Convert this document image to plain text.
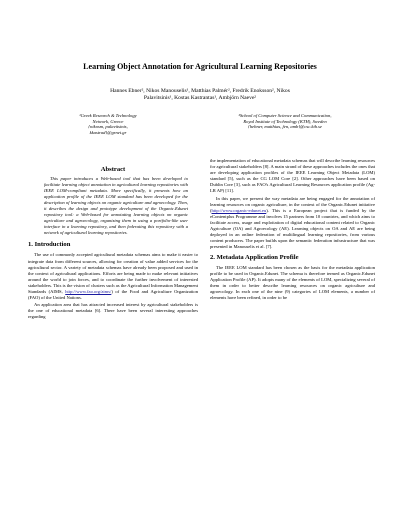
Learning Object Annotation for Agricultural Learning Repositories
Hannes Ebner², Nikos Manouselis¹, Matthias Palmér², Fredrik Enoksson², Nikos
Palavitsinis¹, Kostas Kastrantas¹, Ambjörn Naeve²
¹Greek Research & Technology
Network, Greece
{nikosm, palavitsinis,
kkastrad}@grnet.gr
²School of Computer Science and Communication,
Royal Institute of Technology (KTH), Sweden
{hebner, matthias, fen, amb}@csc.kth.se
Abstract

This paper introduces a Web-based tool that has been developed to facilitate learning object annotation in agricultural learning repositories with IEEE LOM-compliant metadata. More specifically, it presents how an application profile of the IEEE LOM standard has been developed for the description of learning objects on organic agriculture and agroecology. Then, it describes the design and prototype development of the Organic.Edunet repository tool: a Web-based for annotating learning objects on organic agriculture and agroecology, organizing them in using a portfolio-like user interface in a learning repository, and then federating this repository with a network of agricultural learning repositories.

1. Introduction

The use of commonly accepted agricultural metadata schemas aims to make it easier to integrate data from different sources, allowing for creation of value added services for the agricultural sector. A variety of metadata schemas have already been proposed and used in the context of agricultural applications. Efforts are being made to make relevant initiatives around the world to join forces, and to coordinate the further involvement of interested stakeholders. This is the vision of clusters such as the Agricultural Information Management Standards (AIMS, http://www.fao.org/aims/) of the Food and Agriculture Organization (FAO) of the United Nations.

An application area that has attracted increased interest by agricultural stakeholders is the one of educational metadata [6]. There have been several interesting approaches regarding

the implementation of educational metadata schemas that will describe learning resources for agricultural stakeholders [8]. A main strand of these approaches includes the ones that are developing application profiles of the IEEE Learning Object Metadata (LOM) standard [5], such as the CG LOM Core [2]. Other approaches have been based on Dublin Core [3], such as FAO's Agricultural Learning Resources application profile (Ag-LR AP) [11].

In this paper, we present the way metadata are being engaged for the annotation of learning resources on organic agriculture, in the context of the Organic.Edunet initiative (http://www.organic-edunet.eu). This is a European project that is funded by the eContentplus Programme and involves 15 partners from 10 countries, and which aims to facilitate access, usage and exploitation of digital educational content related to Organic Agriculture (OA) and Agroecology (AE). Learning objects on OA and AE are being deployed in an online federation of multilingual learning repositories, from various content producers. The paper builds upon the semantic federation infrastructure that was presented in Manouselis et al. [7].

2. Metadata Application Profile

The IEEE LOM standard has been chosen as the basis for the metadata application profile to be used in Organic.Edunet. The schema is therefore termed as Organic.Edunet Application Profile (AP). It adopts many of the elements of LOM, specializing several of them in order to better describe learning resources on organic agriculture and agroecology. In each one of the nine (9) categories of LOM elements, a number of elements have been refined, in order to be
